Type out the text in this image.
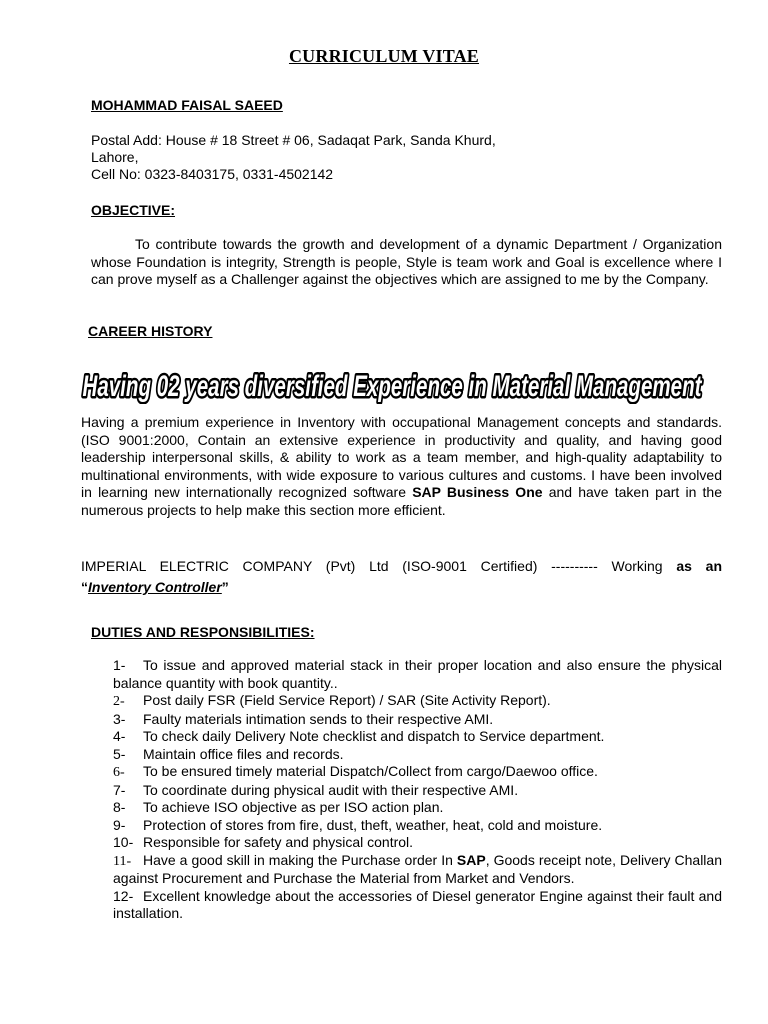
CURRICULUM VITAE
MOHAMMAD FAISAL SAEED
Postal Add: House # 18 Street # 06, Sadaqat Park, Sanda Khurd,
Lahore,
Cell No: 0323-8403175, 0331-4502142
OBJECTIVE:
To contribute towards the growth and development of a dynamic Department / Organization whose Foundation is integrity, Strength is people, Style is team work and Goal is excellence where I can prove myself as a Challenger against the objectives which are assigned to me by the Company.
CAREER HISTORY
Having 02 years diversified Experience in Material Management
Having a premium experience in Inventory with occupational Management concepts and standards. (ISO 9001:2000, Contain an extensive experience in productivity and quality, and having good leadership interpersonal skills, & ability to work as a team member, and high-quality adaptability to multinational environments, with wide exposure to various cultures and customs. I have been involved in learning new internationally recognized software SAP Business One and have taken part in the numerous projects to help make this section more efficient.
IMPERIAL ELECTRIC COMPANY (Pvt) Ltd (ISO-9001 Certified) ---------- Working as an
“Inventory Controller”
DUTIES AND RESPONSIBILITIES:
1- To issue and approved material stack in their proper location and also ensure the physical balance quantity with book quantity..
2- Post daily FSR (Field Service Report) / SAR (Site Activity Report).
3- Faulty materials intimation sends to their respective AMI.
4- To check daily Delivery Note checklist and dispatch to Service department.
5- Maintain office files and records.
6- To be ensured timely material Dispatch/Collect from cargo/Daewoo office.
7- To coordinate during physical audit with their respective AMI.
8- To achieve ISO objective as per ISO action plan.
9- Protection of stores from fire, dust, theft, weather, heat, cold and moisture.
10- Responsible for safety and physical control.
11- Have a good skill in making the Purchase order In SAP, Goods receipt note, Delivery Challan against Procurement and Purchase the Material from Market and Vendors.
12- Excellent knowledge about the accessories of Diesel generator Engine against their fault and installation.
